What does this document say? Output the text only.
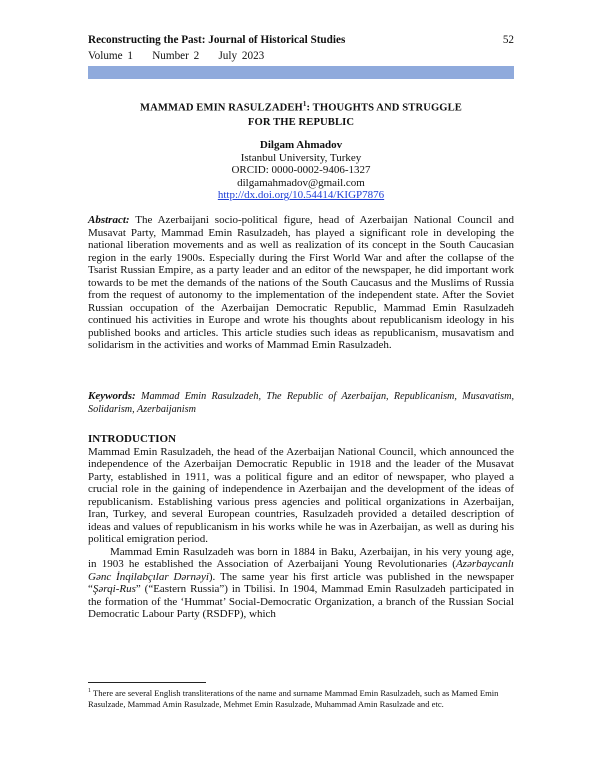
Reconstructing the Past: Journal of Historical Studies	52
Volume 1 Number 2 July 2023

MAMMAD EMIN RASULZADEH$^1$: THOUGHTS AND STRUGGLE
FOR THE REPUBLIC

Dilgam Ahmadov
Istanbul University, Turkey
ORCID: 0000-0002-9406-1327
dilgamahmadov@gmail.com
http://dx.doi.org/10.54414/KIGP7876
Abstract: The Azerbaijani socio-political figure, head of Azerbaijan National Council and Musavat Party, Mammad Emin Rasulzadeh, has played a significant role in developing the national liberation movements and as well as realization of its concept in the South Caucasian region in the early 1900s. Especially during the First World War and after the collapse of the Tsarist Russian Empire, as a party leader and an editor of the newspaper, he did important work towards to be met the demands of the nations of the South Caucasus and the Muslims of Russia from the request of autonomy to the implementation of the independent state. After the Soviet Russian occupation of the Azerbaijan Democratic Republic, Mammad Emin Rasulzadeh continued his activities in Europe and wrote his thoughts about republicanism ideology in his published books and articles. This article studies such ideas as republicanism, musavatism and solidarism in the activities and works of Mammad Emin Rasulzadeh.
Keywords: Mammad Emin Rasulzadeh, The Republic of Azerbaijan, Republicanism, Musavatism, Solidarism, Azerbaijanism
INTRODUCTION

Mammad Emin Rasulzadeh, the head of the Azerbaijan National Council, which announced the independence of the Azerbaijan Democratic Republic in 1918 and the leader of the Musavat Party, established in 1911, was a political figure and an editor of newspaper, who played a crucial role in the gaining of independence in Azerbaijan and the development of the ideas of republicanism. Establishing various press agencies and political organizations in Azerbaijan, Iran, Turkey, and several European countries, Rasulzadeh provided a detailed description of ideas and values of republicanism in his works while he was in Azerbaijan, as well as during his political emigration period.

Mammad Emin Rasulzadeh was born in 1884 in Baku, Azerbaijan, in his very young age, in 1903 he established the Association of Azerbaijani Young Revolutionaries (Azərbaycanlı Gənc İnqilabçılar Dərnəyi). The same year his first article was published in the newspaper “Şərqi-Rus” (“Eastern Russia”) in Tbilisi. In 1904, Mammad Emin Rasulzadeh participated in the formation of the ‘Hummat’ Social-Democratic Organization, a branch of the Russian Social Democratic Labour Party (RSDFP), which

$^1$ There are several English transliterations of the name and surname Mammad Emin Rasulzadeh, such as Mamed Emin Rasulzade, Mammad Amin Rasulzade, Mehmet Emin Rasulzade, Muhammad Amin Rasulzade and etc.
